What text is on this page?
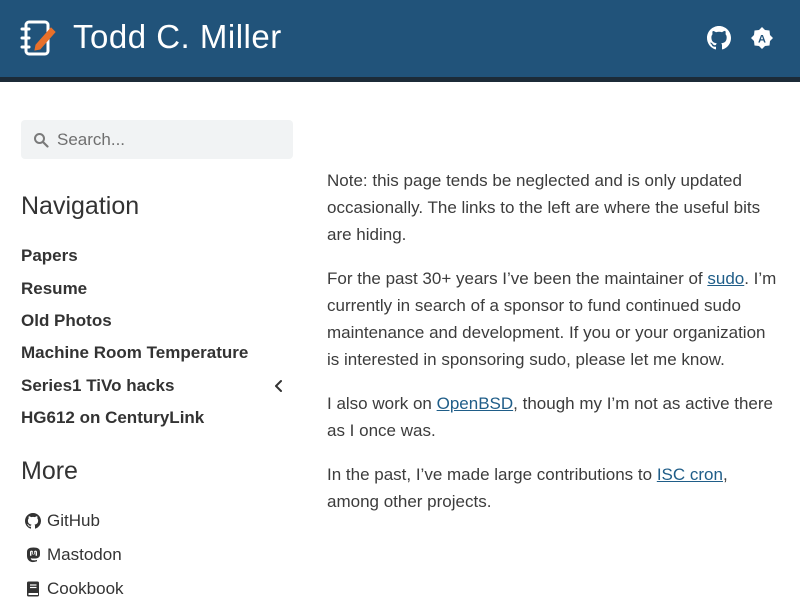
Todd C. Miller	A
Search...
Navigation
Papers
Resume
Old Photos
Machine Room Temperature
Series1 TiVo hacks
HG612 on CenturyLink
More
GitHub
Mastodon
Cookbook

Note: this page tends be neglected and is only updated occasionally. The links to the left are where the useful bits are hiding.

For the past 30+ years I’ve been the maintainer of sudo. I’m currently in search of a sponsor to fund continued sudo maintenance and development. If you or your organization is interested in sponsoring sudo, please let me know.

I also work on OpenBSD, though my I’m not as active there as I once was.

In the past, I’ve made large contributions to ISC cron, among other projects.
